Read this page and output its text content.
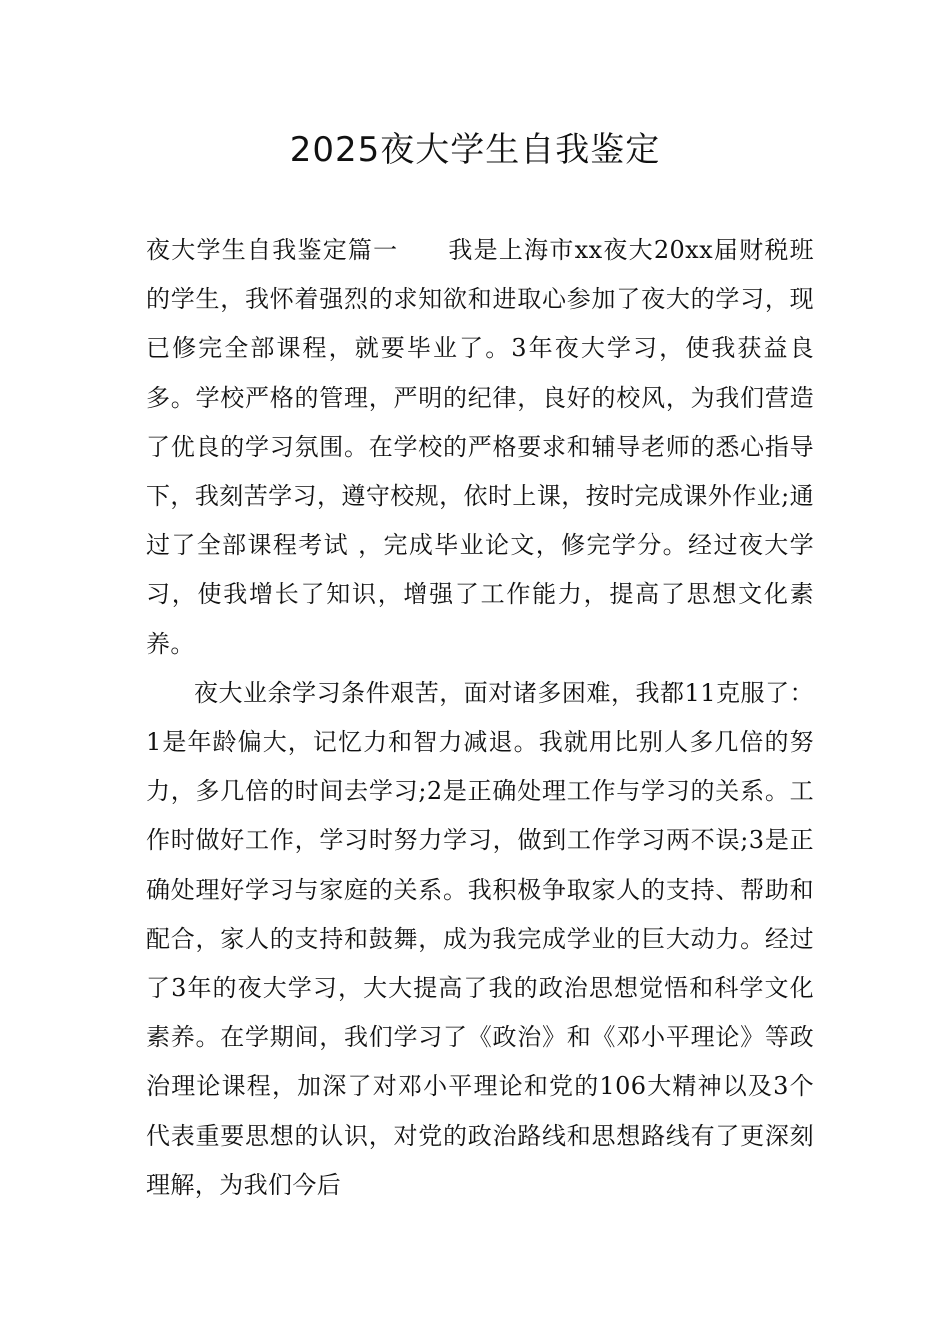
2025夜大学生自我鉴定

夜大学生自我鉴定篇一 我是上海市xx夜大20xx届财税班的学生，我怀着强烈的求知欲和进取心参加了夜大的学习，现已修完全部课程，就要毕业了。3年夜大学习，使我获益良多。学校严格的管理，严明的纪律，良好的校风，为我们营造了优良的学习氛围。在学校的严格要求和辅导老师的悉心指导下，我刻苦学习，遵守校规，依时上课，按时完成课外作业;通过了全部课程考试 ，完成毕业论文，修完学分。经过夜大学习，使我增长了知识，增强了工作能力，提高了思想文化素养。

夜大业余学习条件艰苦，面对诸多困难，我都11克服了：1是年龄偏大，记忆力和智力减退。我就用比别人多几倍的努力，多几倍的时间去学习;2是正确处理工作与学习的关系。工作时做好工作，学习时努力学习，做到工作学习两不误;3是正确处理好学习与家庭的关系。我积极争取家人的支持、帮助和配合，家人的支持和鼓舞，成为我完成学业的巨大动力。经过了3年的夜大学习，大大提高了我的政治思想觉悟和科学文化素养。在学期间，我们学习了《政治》和《邓小平理论》等政治理论课程，加深了对邓小平理论和党的106大精神以及3个代表重要思想的认识，对党的政治路线和思想路线有了更深刻理解，为我们今后
